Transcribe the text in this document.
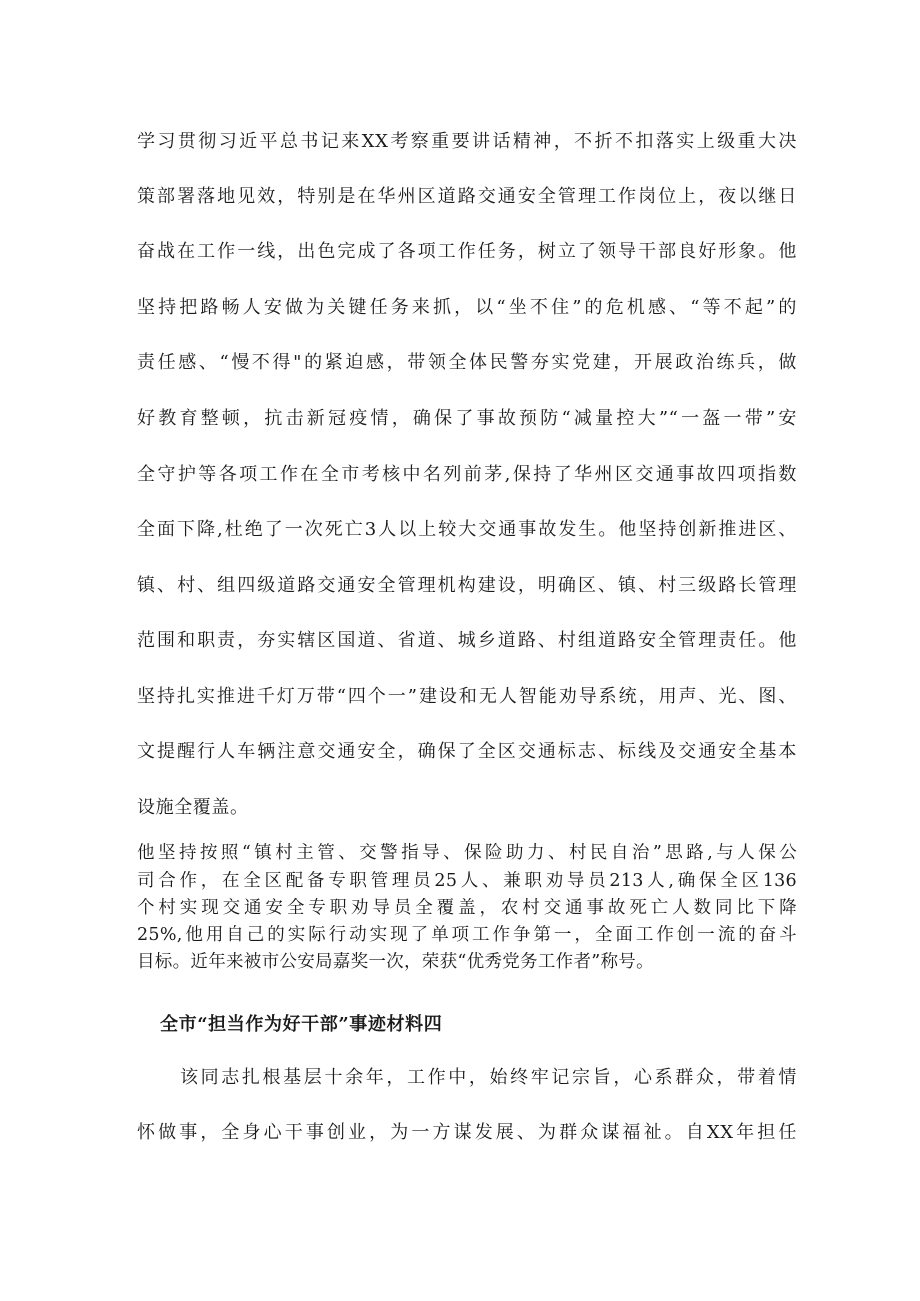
学习贯彻习近平总书记来XX考察重要讲话精神，不折不扣落实上级重大决
策部署落地见效，特别是在华州区道路交通安全管理工作岗位上，夜以继日
奋战在工作一线，出色完成了各项工作任务，树立了领导干部良好形象。他
坚持把路畅人安做为关键任务来抓，以“坐不住”的危机感、“等不起”的
责任感、“慢不得"的紧迫感，带领全体民警夯实党建，开展政治练兵，做
好教育整顿，抗击新冠疫情，确保了事故预防“减量控大”“一盔一带”安
全守护等各项工作在全市考核中名列前茅,保持了华州区交通事故四项指数
全面下降,杜绝了一次死亡3人以上较大交通事故发生。他坚持创新推进区、
镇、村、组四级道路交通安全管理机构建设，明确区、镇、村三级路长管理
范围和职责，夯实辖区国道、省道、城乡道路、村组道路安全管理责任。他
坚持扎实推进千灯万带“四个一”建设和无人智能劝导系统，用声、光、图、
文提醒行人车辆注意交通安全，确保了全区交通标志、标线及交通安全基本
设施全覆盖。
他坚持按照“镇村主管、交警指导、保险助力、村民自治”思路,与人保公
司合作，在全区配备专职管理员25人、兼职劝导员213人,确保全区136
个村实现交通安全专职劝导员全覆盖，农村交通事故死亡人数同比下降
25%,他用自己的实际行动实现了单项工作争第一，全面工作创一流的奋斗
目标。近年来被市公安局嘉奖一次，荣获“优秀党务工作者”称号。
全市“担当作为好干部”事迹材料四
该同志扎根基层十余年，工作中，始终牢记宗旨，心系群众，带着情
怀做事，全身心干事创业，为一方谋发展、为群众谋福祉。自XX年担任
